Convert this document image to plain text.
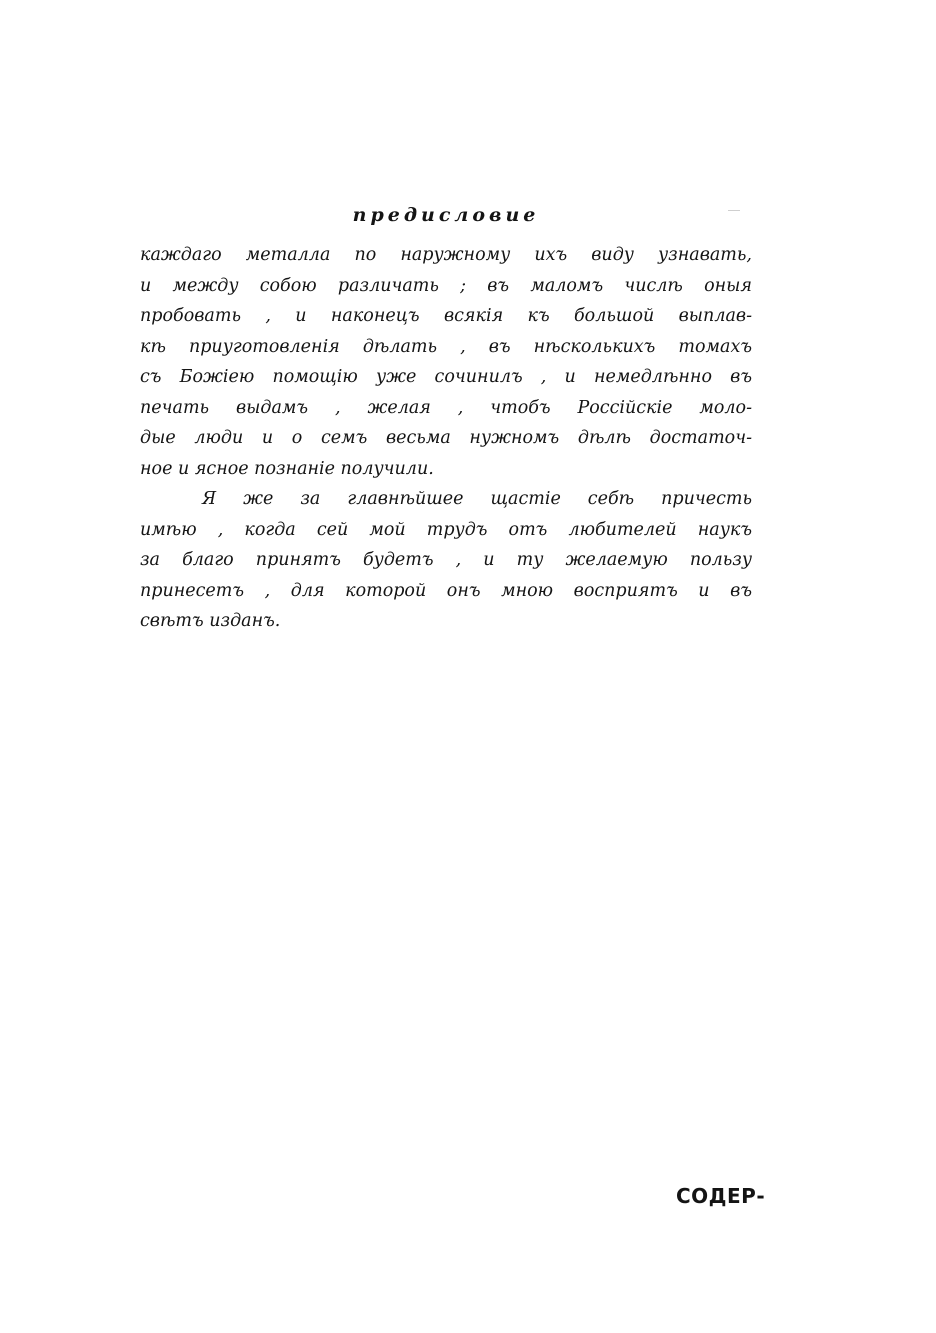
предисловие
каждаго металла по наружному ихъ виду узнавать,
и между собою различать ; въ маломъ числѣ оныя
пробовать , и наконецъ всякія къ большой выплав-
кѣ приуготовленія дѣлать , въ нѣсколькихъ томахъ
съ Божіею помощію уже сочинилъ , и немедлѣнно въ
печать выдамъ , желая , чтобъ Россійскіе моло-
дые люди и о семъ весьма нужномъ дѣлѣ достаточ-
ное и ясное познаніе получили.
Я же за главнѣйшее щастіе себѣ причесть
имѣю , когда сей мой трудъ отъ любителей наукъ
за благо принятъ будетъ , и ту желаемую пользу
принесетъ , для которой онъ мною восприятъ и въ
свѣтъ изданъ.
СОДЕР-
